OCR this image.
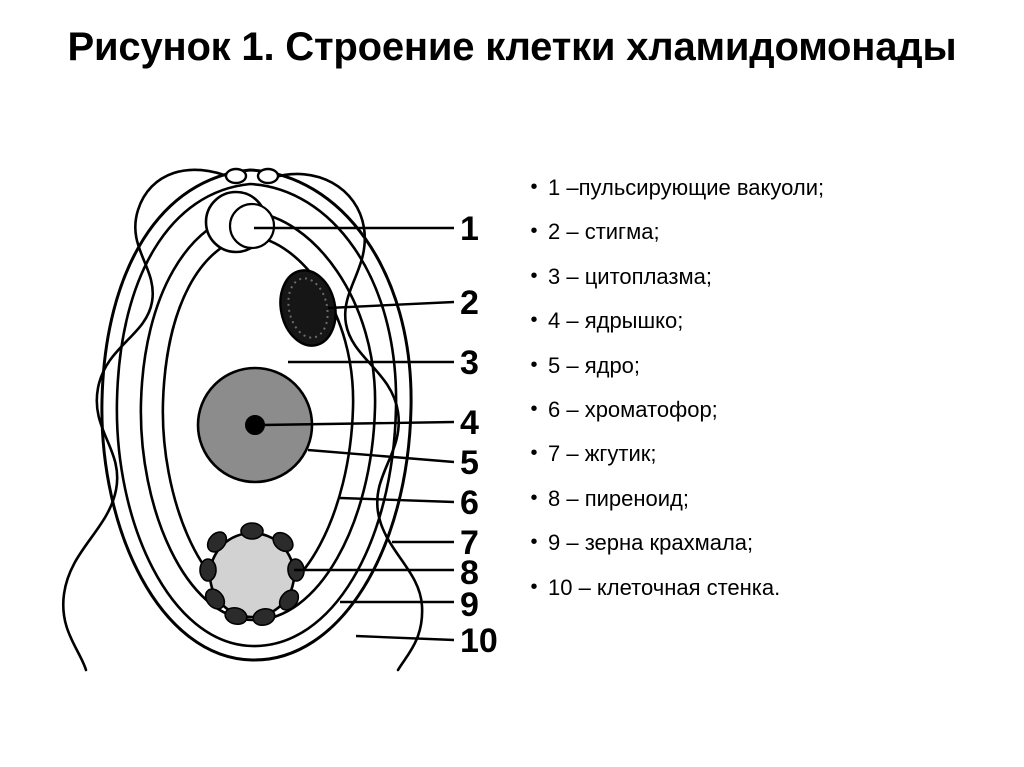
Рисунок 1. Строение клетки хламидомонады
1
2
3
4
5
6
7
8
9
10
• 1 –пульсирующие вакуоли;
• 2 – стигма;
• 3 – цитоплазма;
• 4 – ядрышко;
• 5 – ядро;
• 6 – хроматофор;
• 7 – жгутик;
• 8 – пиреноид;
• 9 – зерна крахмала;
• 10 – клеточная стенка.
